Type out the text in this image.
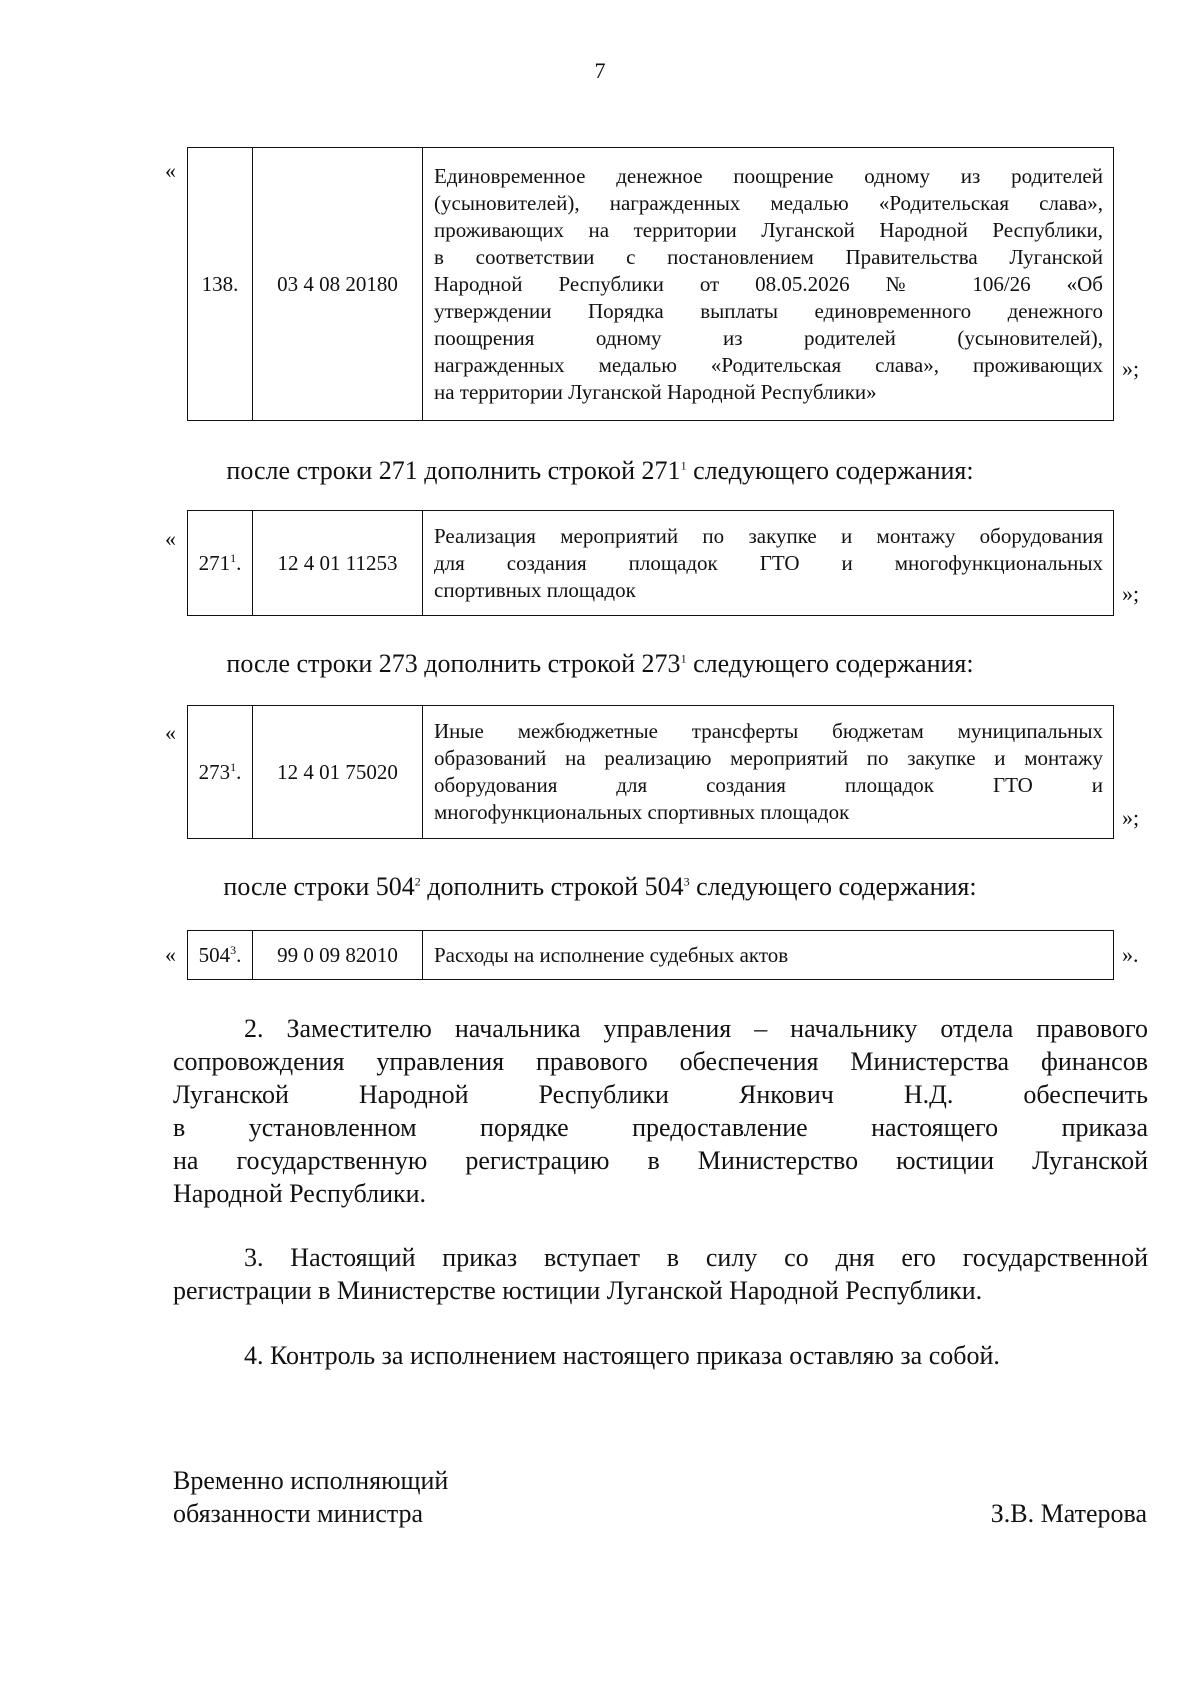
7
«
138.	03 4 08 20180	
Единовременное денежное поощрение одному из родителей
(усыновителей), награжденных медалью «Родительская слава»,
проживающих на территории Луганской Народной Республики,
в соответствии с постановлением Правительства Луганской
Народной Республики от 08.05.2026 № 106/26 «Об
утверждении Порядка выплаты единовременного денежного
поощрения одному из родителей (усыновителей),
награжденных медалью «Родительская слава», проживающих
на территории Луганской Народной Республики»
»;
после строки 271 дополнить строкой $271^1$ следующего содержания:
«
$271^1$.	12 4 01 11253	
Реализация мероприятий по закупке и монтажу оборудования
для создания площадок ГТО и многофункциональных
спортивных площадок	»;
после строки 273 дополнить строкой $273^1$ следующего содержания:
«
$273^1$.	12 4 01 75020	
Иные межбюджетные трансферты бюджетам муниципальных
образований на реализацию мероприятий по закупке и монтажу
оборудования для создания площадок ГТО и
многофункциональных спортивных площадок	»;
после строки $504^2$ дополнить строкой $504^3$ следующего содержания:
« $504^3$.	99 0 09 82010	Расходы на исполнение судебных актов	».
2. Заместителю начальника управления – начальнику отдела правового
сопровождения управления правового обеспечения Министерства финансов
Луганской Народной Республики Янкович Н.Д. обеспечить
в установленном порядке предоставление настоящего приказа
на государственную регистрацию в Министерство юстиции Луганской
Народной Республики.
3. Настоящий приказ вступает в силу со дня его государственной
регистрации в Министерстве юстиции Луганской Народной Республики.
4. Контроль за исполнением настоящего приказа оставляю за собой.
Временно исполняющий
обязанности министра	З.В. Матерова
